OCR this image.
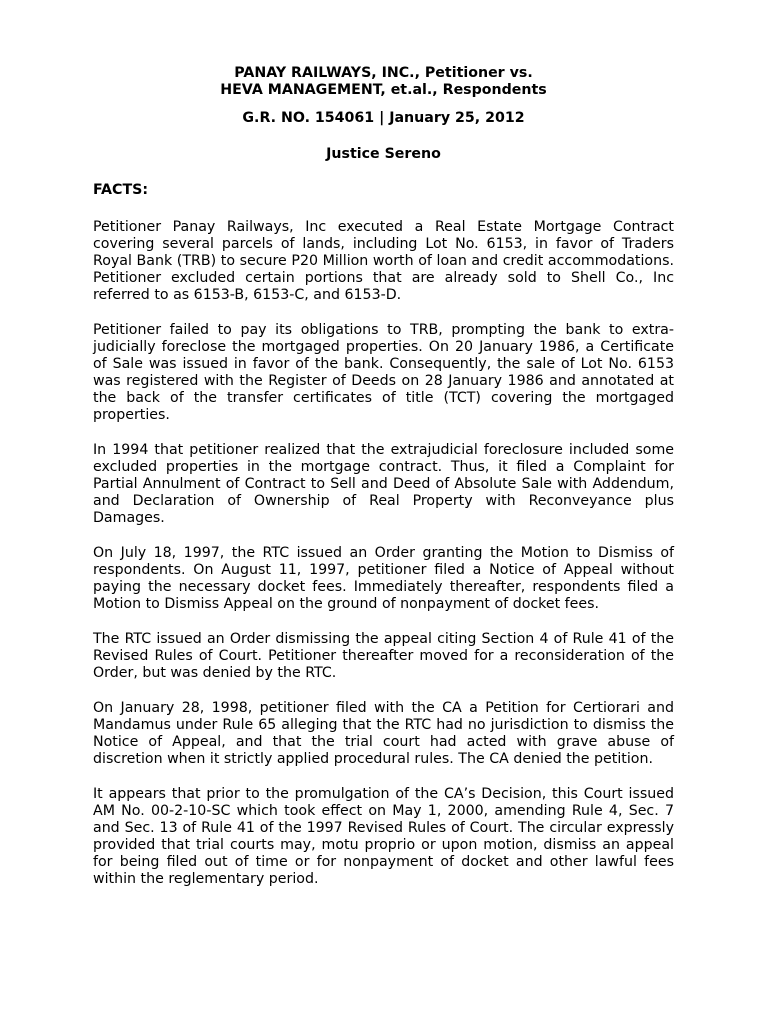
PANAY RAILWAYS, INC., Petitioner vs.
HEVA MANAGEMENT, et.al., Respondents

G.R. NO. 154061 | January 25, 2012

Justice Sereno

FACTS:

Petitioner Panay Railways, Inc executed a Real Estate Mortgage Contract covering several parcels of lands, including Lot No. 6153, in favor of Traders Royal Bank (TRB) to secure P20 Million worth of loan and credit accommodations. Petitioner excluded certain portions that are already sold to Shell Co., Inc referred to as 6153-B, 6153-C, and 6153-D.

Petitioner failed to pay its obligations to TRB, prompting the bank to extra-judicially foreclose the mortgaged properties. On 20 January 1986, a Certificate of Sale was issued in favor of the bank. Consequently, the sale of Lot No. 6153 was registered with the Register of Deeds on 28 January 1986 and annotated at the back of the transfer certificates of title (TCT) covering the mortgaged properties.

In 1994 that petitioner realized that the extrajudicial foreclosure included some excluded properties in the mortgage contract. Thus, it filed a Complaint for Partial Annulment of Contract to Sell and Deed of Absolute Sale with Addendum, and Declaration of Ownership of Real Property with Reconveyance plus Damages.

On July 18, 1997, the RTC issued an Order granting the Motion to Dismiss of respondents. On August 11, 1997, petitioner filed a Notice of Appeal without paying the necessary docket fees. Immediately thereafter, respondents filed a Motion to Dismiss Appeal on the ground of nonpayment of docket fees.

The RTC issued an Order dismissing the appeal citing Section 4 of Rule 41 of the Revised Rules of Court. Petitioner thereafter moved for a reconsideration of the Order, but was denied by the RTC.

On January 28, 1998, petitioner filed with the CA a Petition for Certiorari and Mandamus under Rule 65 alleging that the RTC had no jurisdiction to dismiss the Notice of Appeal, and that the trial court had acted with grave abuse of discretion when it strictly applied procedural rules. The CA denied the petition.

It appears that prior to the promulgation of the CA’s Decision, this Court issued AM No. 00-2-10-SC which took effect on May 1, 2000, amending Rule 4, Sec. 7 and Sec. 13 of Rule 41 of the 1997 Revised Rules of Court. The circular expressly provided that trial courts may, motu proprio or upon motion, dismiss an appeal for being filed out of time or for nonpayment of docket and other lawful fees within the reglementary period.
